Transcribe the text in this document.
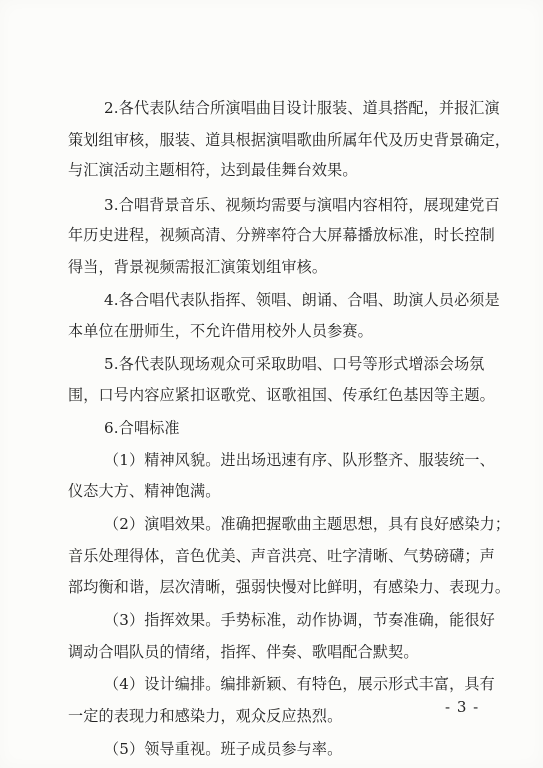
2.各代表队结合所演唱曲目设计服装、道具搭配，并报汇演
策划组审核，服装、道具根据演唱歌曲所属年代及历史背景确定，
与汇演活动主题相符，达到最佳舞台效果。
3.合唱背景音乐、视频均需要与演唱内容相符，展现建党百
年历史进程，视频高清、分辨率符合大屏幕播放标准，时长控制
得当，背景视频需报汇演策划组审核。
4.各合唱代表队指挥、领唱、朗诵、合唱、助演人员必须是
本单位在册师生，不允许借用校外人员参赛。
5.各代表队现场观众可采取助唱、口号等形式增添会场氛
围，口号内容应紧扣讴歌党、讴歌祖国、传承红色基因等主题。
6.合唱标准
（1）精神风貌。进出场迅速有序、队形整齐、服装统一、
仪态大方、精神饱满。
（2）演唱效果。准确把握歌曲主题思想，具有良好感染力；
音乐处理得体，音色优美、声音洪亮、吐字清晰、气势磅礴；声
部均衡和谐，层次清晰，强弱快慢对比鲜明，有感染力、表现力。
（3）指挥效果。手势标准，动作协调，节奏准确，能很好
调动合唱队员的情绪，指挥、伴奏、歌唱配合默契。
（4）设计编排。编排新颖、有特色，展示形式丰富，具有
一定的表现力和感染力，观众反应热烈。
（5）领导重视。班子成员参与率。
- 3 -
